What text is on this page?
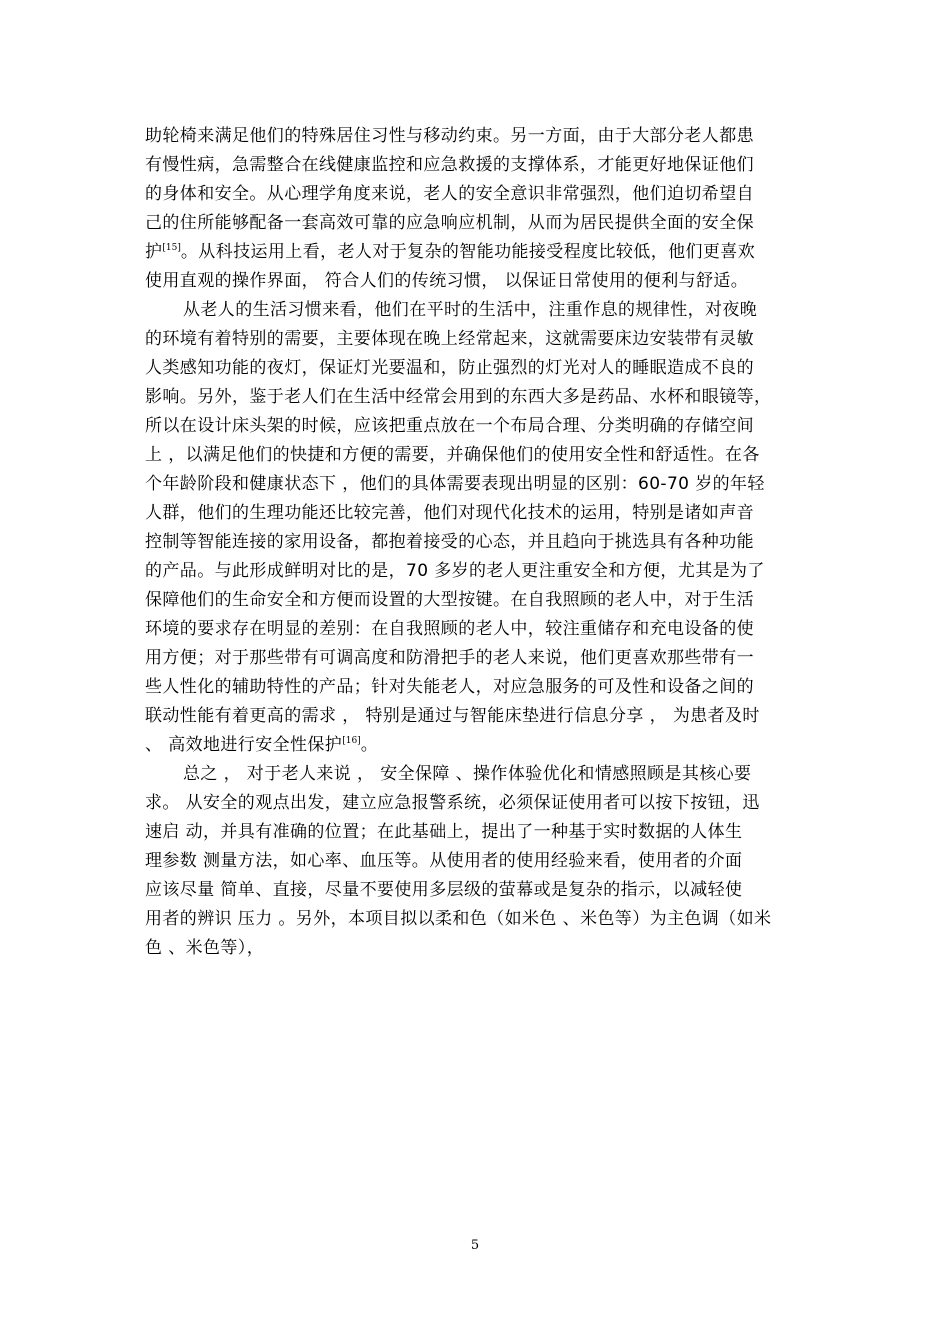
助轮椅来满足他们的特殊居住习性与移动约束。另一方面，由于大部分老人都患
有慢性病，急需整合在线健康监控和应急救援的支撑体系，才能更好地保证他们
的身体和安全。从心理学角度来说，老人的安全意识非常强烈，他们迫切希望自
己的住所能够配备一套高效可靠的应急响应机制，从而为居民提供全面的安全保
护[15]。从科技运用上看，老人对于复杂的智能功能接受程度比较低，他们更喜欢
使用直观的操作界面， 符合人们的传统习惯， 以保证日常使用的便利与舒适。
从老人的生活习惯来看，他们在平时的生活中，注重作息的规律性，对夜晚
的环境有着特别的需要，主要体现在晚上经常起来，这就需要床边安装带有灵敏
人类感知功能的夜灯，保证灯光要温和，防止强烈的灯光对人的睡眠造成不良的
影响。另外，鉴于老人们在生活中经常会用到的东西大多是药品、水杯和眼镜等，
所以在设计床头架的时候，应该把重点放在一个布局合理、分类明确的存储空间
上 ，以满足他们的快捷和方便的需要，并确保他们的使用安全性和舒适性。在各
个年龄阶段和健康状态下 ，他们的具体需要表现出明显的区别：60-70 岁的年轻
人群，他们的生理功能还比较完善，他们对现代化技术的运用，特别是诸如声音
控制等智能连接的家用设备，都抱着接受的心态，并且趋向于挑选具有各种功能
的产品。与此形成鲜明对比的是，70 多岁的老人更注重安全和方便，尤其是为了
保障他们的生命安全和方便而设置的大型按键。在自我照顾的老人中，对于生活
环境的要求存在明显的差别：在自我照顾的老人中，较注重储存和充电设备的使
用方便；对于那些带有可调高度和防滑把手的老人来说，他们更喜欢那些带有一
些人性化的辅助特性的产品；针对失能老人，对应急服务的可及性和设备之间的
联动性能有着更高的需求 ， 特别是通过与智能床垫进行信息分享 ， 为患者及时
、 高效地进行安全性保护[16]。
总之 ， 对于老人来说 ， 安全保障 、操作体验优化和情感照顾是其核心要
求。 从安全的观点出发，建立应急报警系统，必须保证使用者可以按下按钮，迅
速启 动，并具有准确的位置；在此基础上，提出了一种基于实时数据的人体生
理参数 测量方法，如心率、血压等。从使用者的使用经验来看，使用者的介面
应该尽量 简单、直接，尽量不要使用多层级的萤幕或是复杂的指示，以减轻使
用者的辨识 压力 。另外，本项目拟以柔和色（如米色 、米色等）为主色调（如米
色 、米色等），
5
